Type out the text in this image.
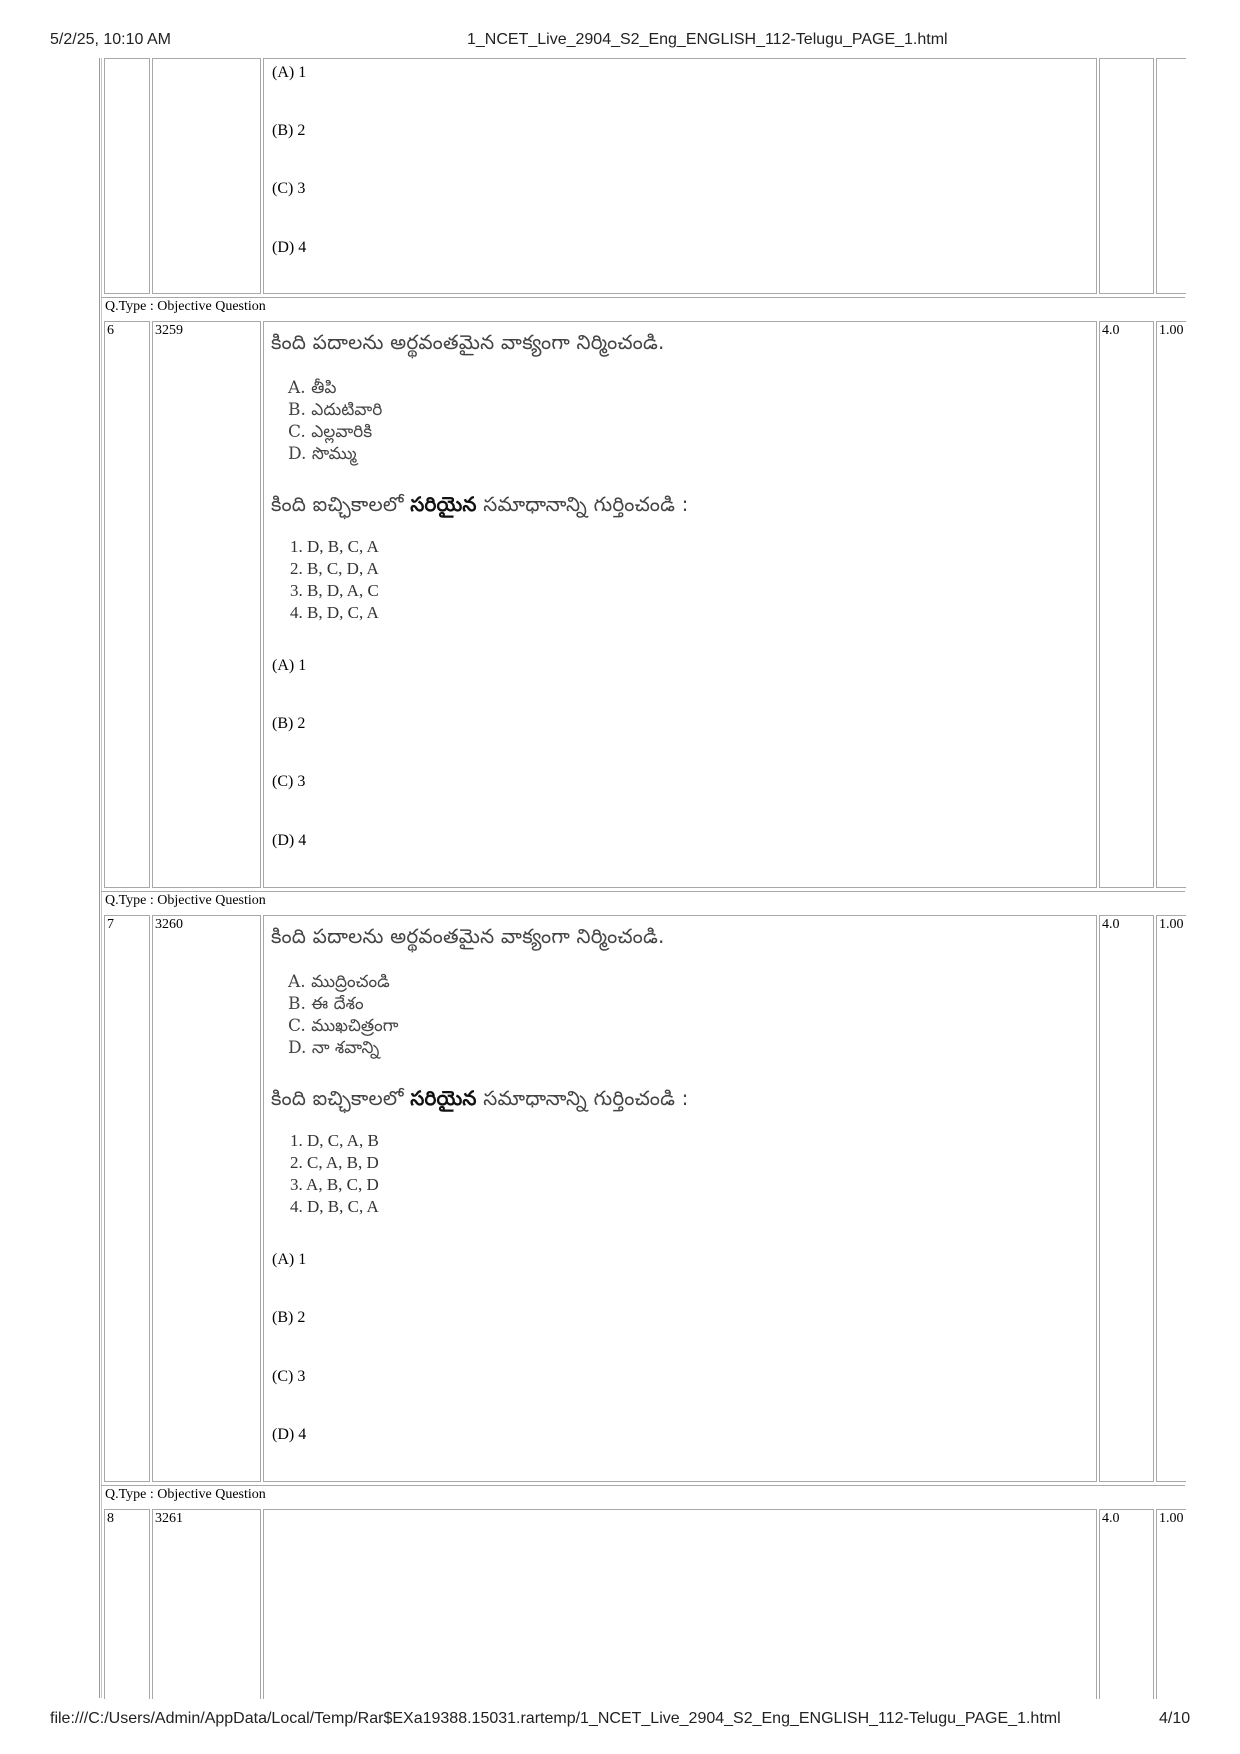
5/2/25, 10:10 AM	1_NCET_Live_2904_S2_Eng_ENGLISH_112-Telugu_PAGE_1.html
file:///C:/Users/Admin/AppData/Local/Temp/Rar$EXa19388.15031.rartemp/1_NCET_Live_2904_S2_Eng_ENGLISH_112-Telugu_PAGE_1.html	4/10
(A) 1
(B) 2
(C) 3
(D) 4
Q.Type : Objective Question
6	3259	4.0	1.00
కింది పదాలను అర్థవంతమైన వాక్యంగా నిర్మించండి.
A. తీపి
B. ఎదుటివారి
C. ఎల్లవారికి
D. సొమ్ము
కింది ఐచ్ఛికాలలో సరియైన సమాధానాన్ని గుర్తించండి :
1. D, B, C, A
2. B, C, D, A
3. B, D, A, C
4. B, D, C, A
(A) 1
(B) 2
(C) 3
(D) 4
Q.Type : Objective Question
7	3260	4.0	1.00
కింది పదాలను అర్థవంతమైన వాక్యంగా నిర్మించండి.
A. ముద్రించండి
B. ఈ దేశం
C. ముఖచిత్రంగా
D. నా శవాన్ని
కింది ఐచ్ఛికాలలో సరియైన సమాధానాన్ని గుర్తించండి :
1. D, C, A, B
2. C, A, B, D
3. A, B, C, D
4. D, B, C, A
(A) 1
(B) 2
(C) 3
(D) 4
Q.Type : Objective Question
8	3261	4.0	1.00
